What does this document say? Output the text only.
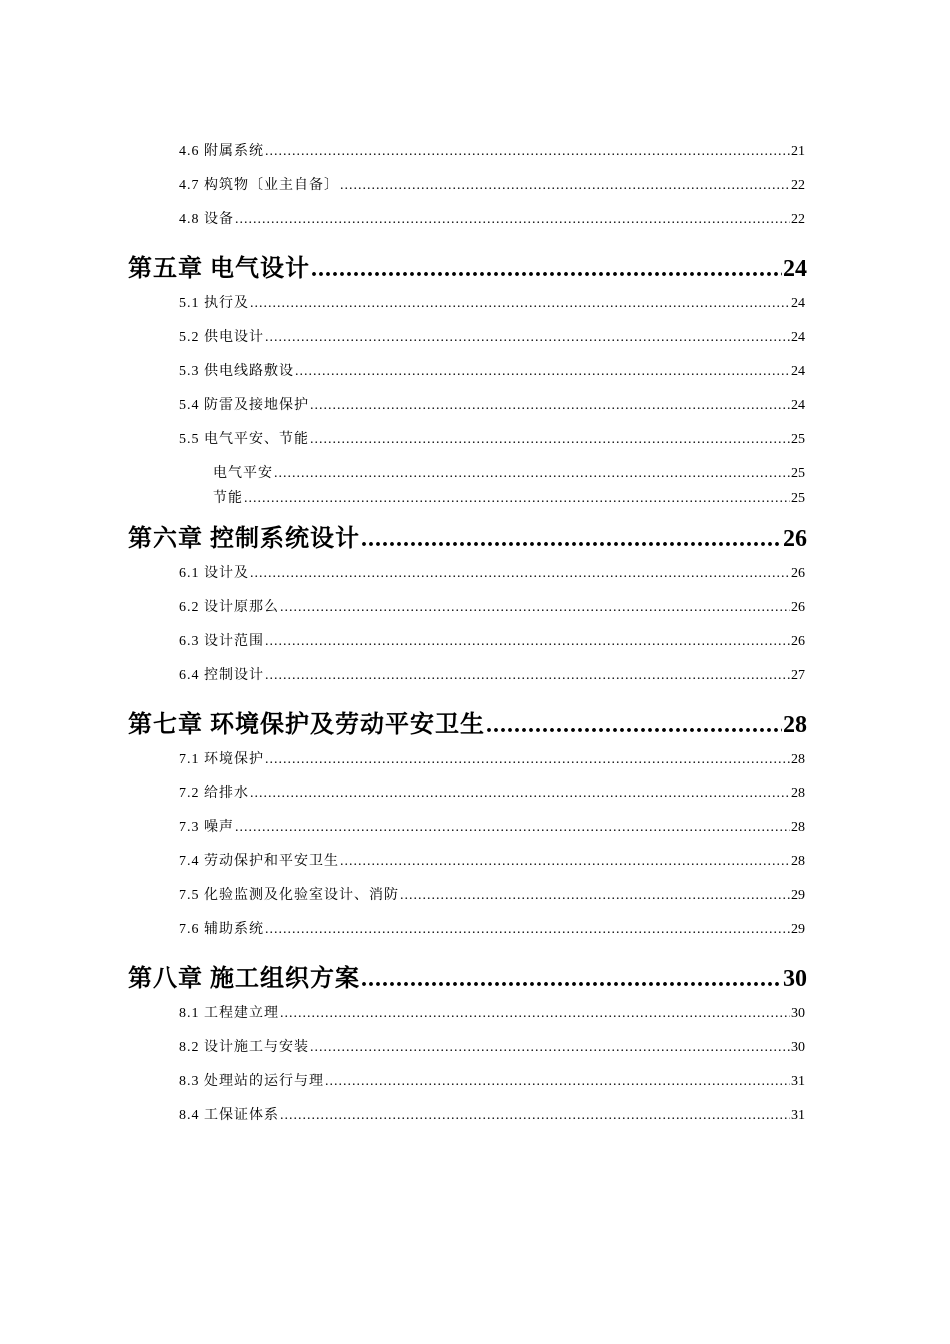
4.6 附属系统 .....	21
4.7 构筑物〔业主自备〕 .....	22
4.8 设备 .....	22
第五章 电气设计 .....	24
5.1 执行及 .....	24
5.2 供电设计 .....	24
5.3 供电线路敷设 .....	24
5.4 防雷及接地保护 .....	24
5.5 电气平安、节能 .....	25
电气平安 .....	25
节能 .....	25
第六章 控制系统设计 .....	26
6.1 设计及 .....	26
6.2 设计原那么 .....	26
6.3 设计范围 .....	26
6.4 控制设计 .....	27
第七章 环境保护及劳动平安卫生 .....	28
7.1 环境保护 .....	28
7.2 给排水 .....	28
7.3 噪声 .....	28
7.4 劳动保护和平安卫生 .....	28
7.5 化验监测及化验室设计、消防 .....	29
7.6 辅助系统 .....	29
第八章 施工组织方案 .....	30
8.1 工程建立理 .....	30
8.2 设计施工与安装 .....	30
8.3 处理站的运行与理 .....	31
8.4 工保证体系 .....	31
